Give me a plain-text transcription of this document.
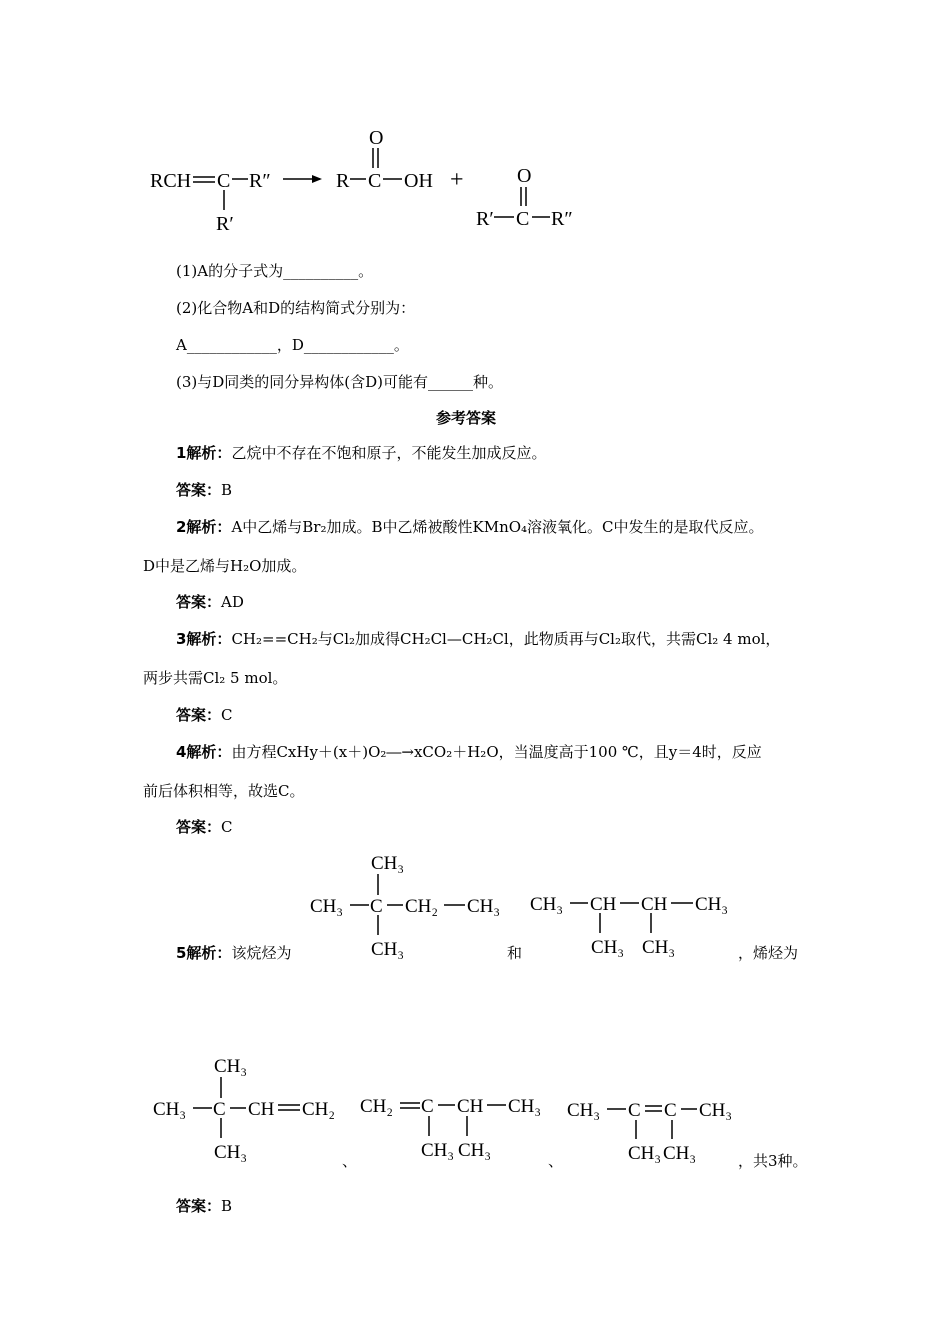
RCH C R″
R′
R C
O
OH +
R′ C
O
R″
(1)A的分子式为__________。
(2)化合物A和D的结构简式分别为：
A____________，D____________。
(3)与D同类的同分异构体(含D)可能有______种。
参考答案
1解析：乙烷中不存在不饱和原子，不能发生加成反应。
答案：B
2解析：A中乙烯与Br₂加成。B中乙烯被酸性KMnO₄溶液氧化。C中发生的是取代反应。
D中是乙烯与H₂O加成。
答案：AD
3解析：CH₂==CH₂与Cl₂加成得CH₂Cl—CH₂Cl，此物质再与Cl₂取代，共需Cl₂ 4 mol，
两步共需Cl₂ 5 mol。
答案：C
4解析：由方程CxHy＋(x＋)O₂―→xCO₂＋H₂O，当温度高于100 ℃，且y＝4时，反应
前后体积相等，故选C。
答案：C
5解析：该烷烃为	和	，烯烃为
、	、	，共3种。
答案：B
CH₃
CH₃ C CH₂ CH₃
CH₃
CH₃ CH CH CH₃
CH₃ CH₃
CH₃
CH₃ C CH CH₂
CH₃
CH₂ C CH CH₃
CH₃ CH₃
CH₃ C C CH₃
CH₃ CH₃
